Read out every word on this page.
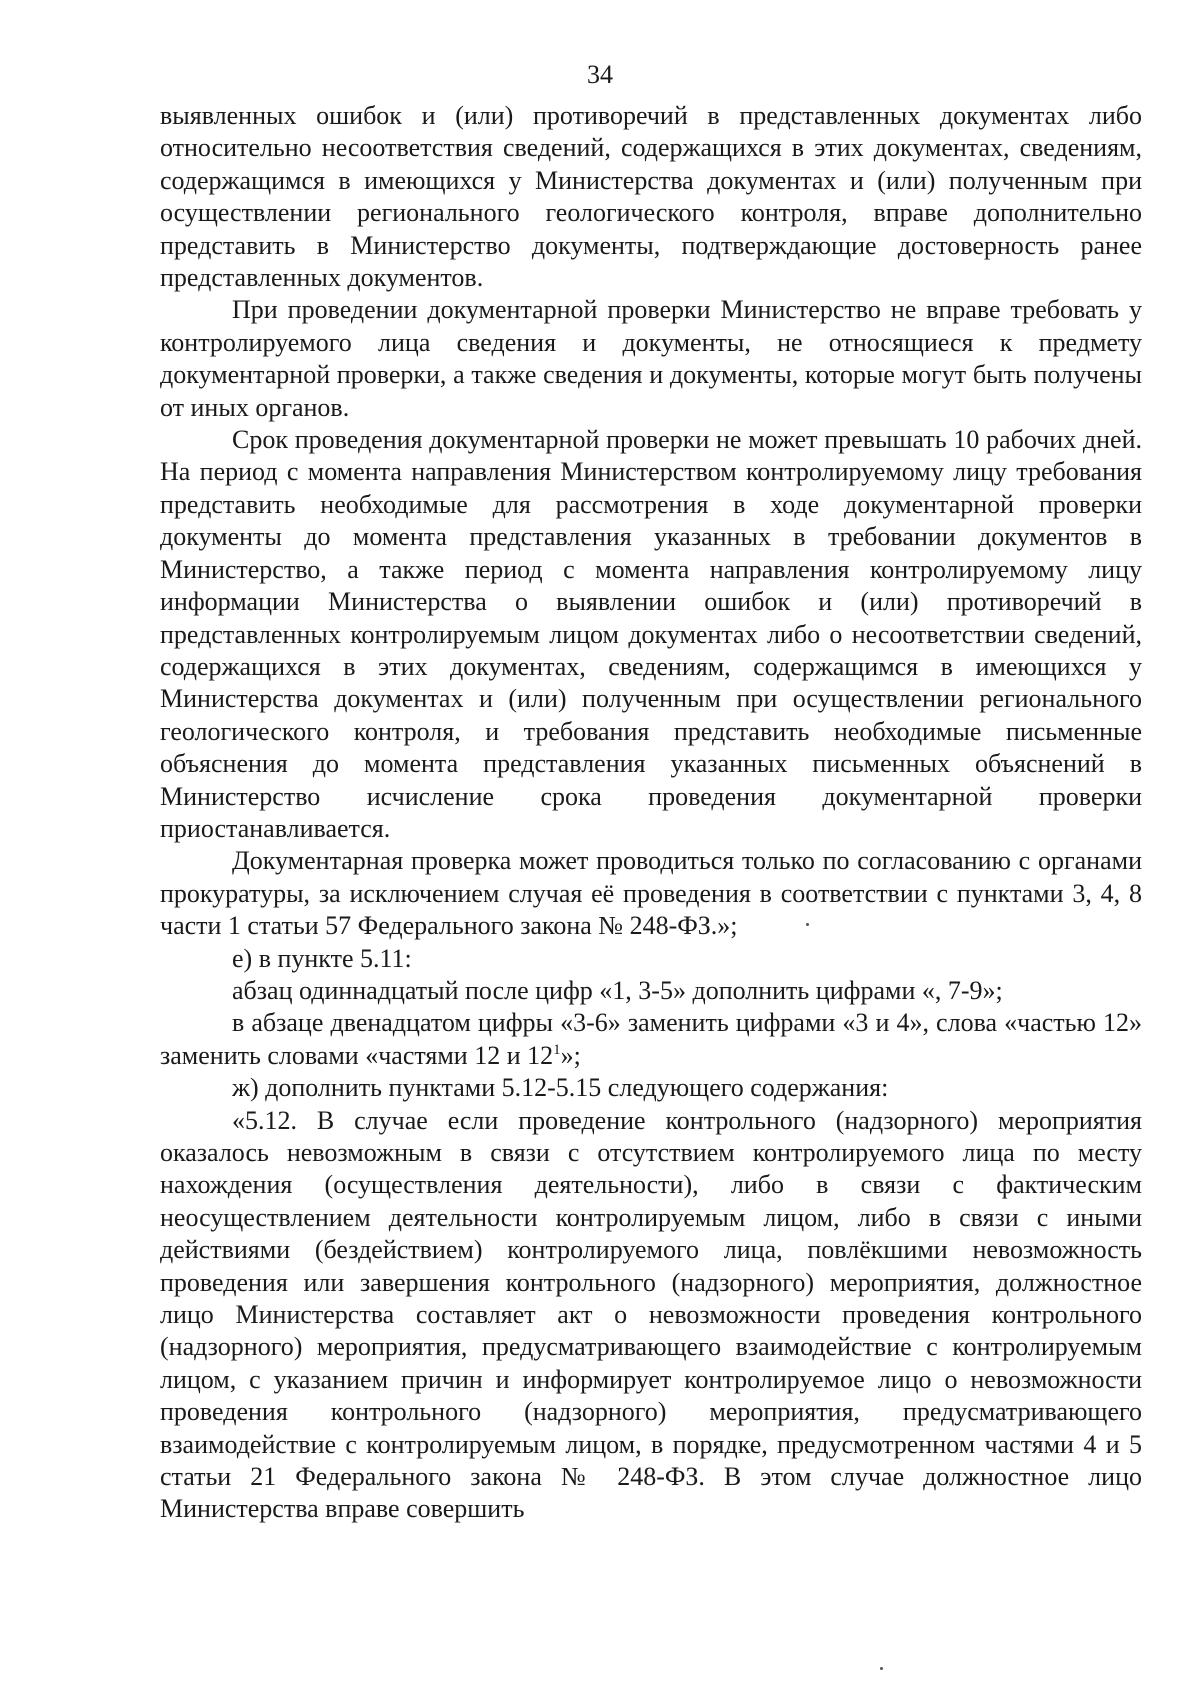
34

выявленных ошибок и (или) противоречий в представленных документах либо относительно несоответствия сведений, содержащихся в этих документах, сведениям, содержащимся в имеющихся у Министерства документах и (или) полученным при осуществлении регионального геологического контроля, вправе дополнительно представить в Министерство документы, подтверждающие достоверность ранее представленных документов.

При проведении документарной проверки Министерство не вправе требовать у контролируемого лица сведения и документы, не относящиеся к предмету документарной проверки, а также сведения и документы, которые могут быть получены от иных органов.

Срок проведения документарной проверки не может превышать 10 рабочих дней. На период с момента направления Министерством контролируемому лицу требования представить необходимые для рассмотрения в ходе документарной проверки документы до момента представления указанных в требовании документов в Министерство, а также период с момента направления контролируемому лицу информации Министерства о выявлении ошибок и (или) противоречий в представленных контролируемым лицом документах либо о несоответствии сведений, содержащихся в этих документах, сведениям, содержащимся в имеющихся у Министерства документах и (или) полученным при осуществлении регионального геологического контроля, и требования представить необходимые письменные объяснения до момента представления указанных письменных объяснений в Министерство исчисление срока проведения документарной проверки приостанавливается.

Документарная проверка может проводиться только по согласованию с органами прокуратуры, за исключением случая её проведения в соответствии с пунктами 3, 4, 8 части 1 статьи 57 Федерального закона № 248-ФЗ.»;

е) в пункте 5.11:

абзац одиннадцатый после цифр «1, 3-5» дополнить цифрами «, 7-9»;

в абзаце двенадцатом цифры «3-6» заменить цифрами «3 и 4», слова «частью 12» заменить словами «частями 12 и $12^1$»;

ж) дополнить пунктами 5.12-5.15 следующего содержания:

«5.12. В случае если проведение контрольного (надзорного) мероприятия оказалось невозможным в связи с отсутствием контролируемого лица по месту нахождения (осуществления деятельности), либо в связи с фактическим неосуществлением деятельности контролируемым лицом, либо в связи с иными действиями (бездействием) контролируемого лица, повлёкшими невозможность проведения или завершения контрольного (надзорного) мероприятия, должностное лицо Министерства составляет акт о невозможности проведения контрольного (надзорного) мероприятия, предусматривающего взаимодействие с контролируемым лицом, с указанием причин и информирует контролируемое лицо о невозможности проведения контрольного (надзорного) мероприятия, предусматривающего взаимодействие с контролируемым лицом, в порядке, предусмотренном частями 4 и 5 статьи 21 Федерального закона № 248-ФЗ. В этом случае должностное лицо Министерства вправе совершить
